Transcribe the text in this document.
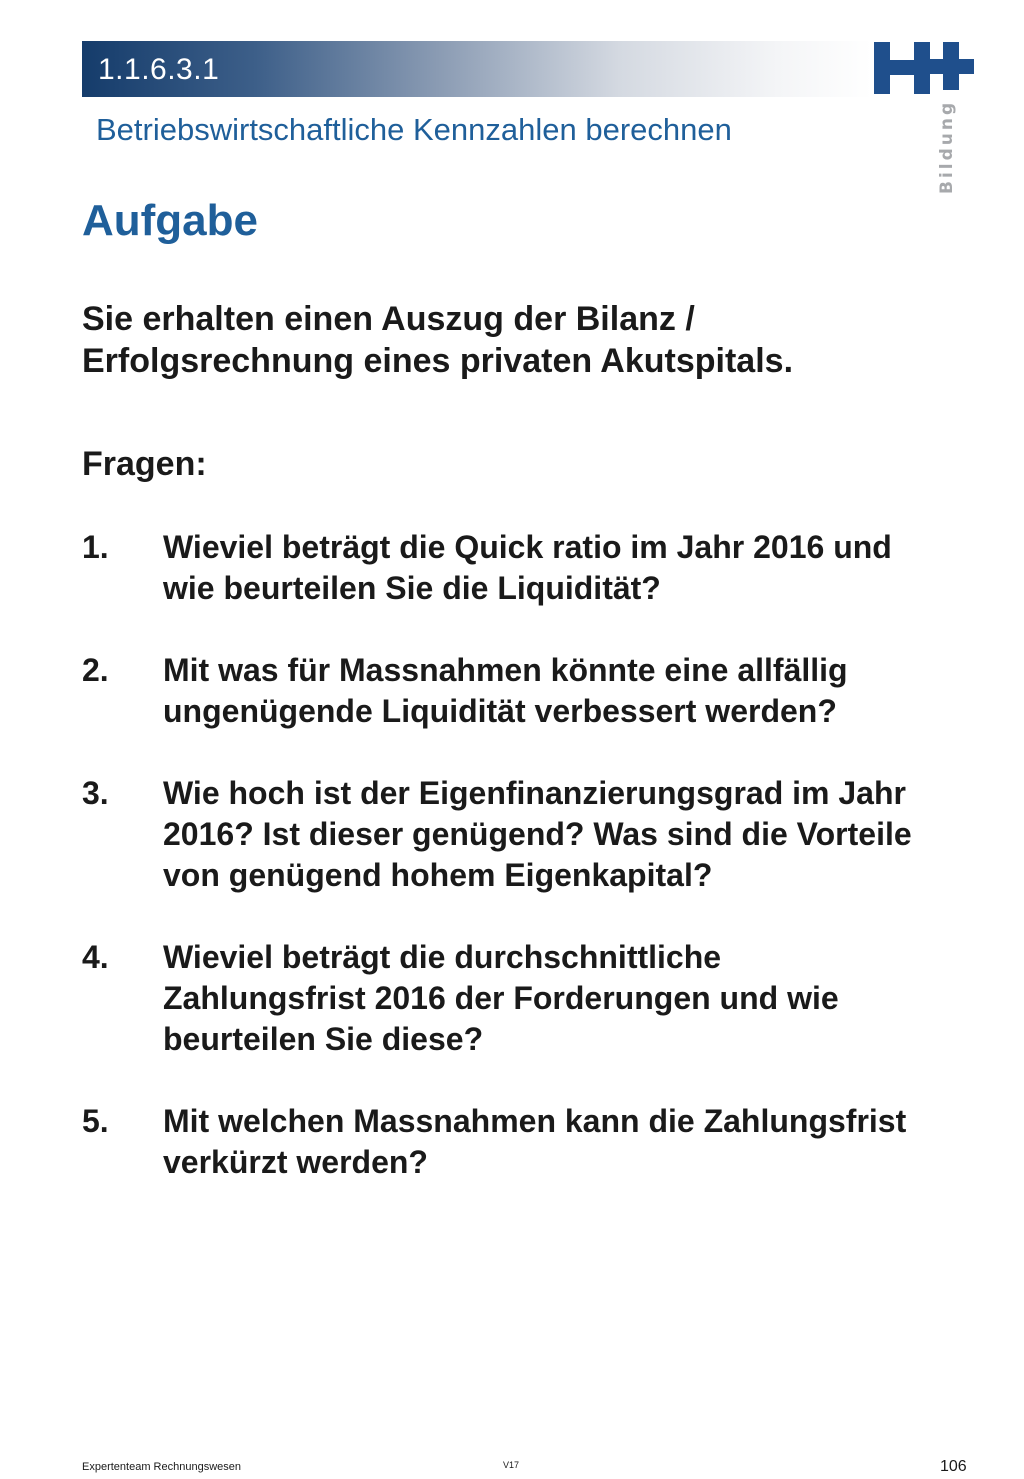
1.1.6.3.1
Betriebswirtschaftliche Kennzahlen berechnen	Bildung
Aufgabe
Sie erhalten einen Auszug der Bilanz /
Erfolgsrechnung eines privaten Akutspitals.
Fragen:
1. Wieviel beträgt die Quick ratio im Jahr 2016 und
wie beurteilen Sie die Liquidität?
2. Mit was für Massnahmen könnte eine allfällig
ungenügende Liquidität verbessert werden?
3. Wie hoch ist der Eigenfinanzierungsgrad im Jahr
2016? Ist dieser genügend? Was sind die Vorteile
von genügend hohem Eigenkapital?
4. Wieviel beträgt die durchschnittliche
Zahlungsfrist 2016 der Forderungen und wie
beurteilen Sie diese?
5. Mit welchen Massnahmen kann die Zahlungsfrist
verkürzt werden?
Expertenteam Rechnungswesen	V17	106
